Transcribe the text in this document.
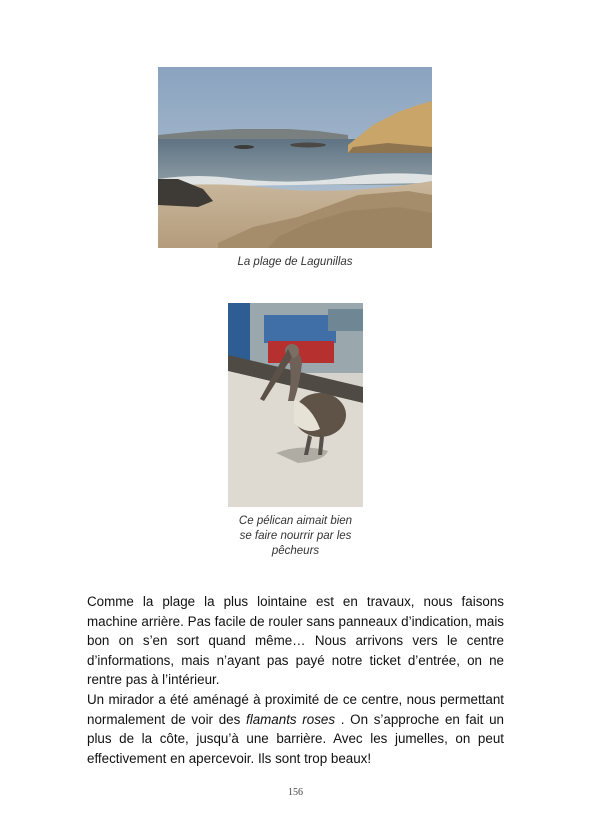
La plage de Lagunillas
Ce pélican aimait bien
se faire nourrir par les
pêcheurs

Comme la plage la plus lointaine est en travaux, nous faisons machine arrière. Pas facile de rouler sans panneaux d’indication, mais bon on s’en sort quand même… Nous arrivons vers le centre d’informations, mais n’ayant pas payé notre ticket d’entrée, on ne rentre pas à l’intérieur.

Un mirador a été aménagé à proximité de ce centre, nous permettant normalement de voir des flamants roses . On s’approche en fait un plus de la côte, jusqu’à une barrière. Avec les jumelles, on peut effectivement en apercevoir. Ils sont trop beaux!

156
